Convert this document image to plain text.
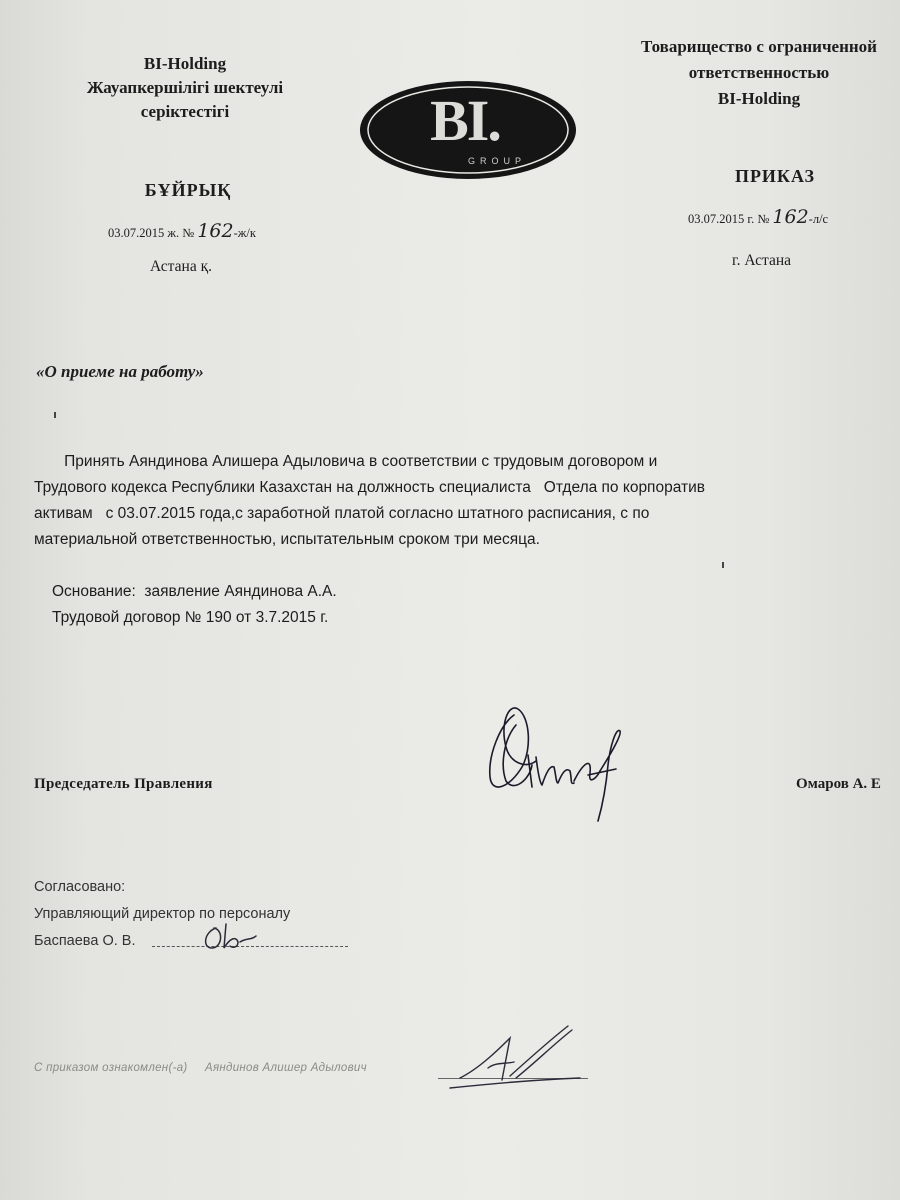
BI-Holding
Жауапкершілігі шектеулі
серіктестігі	BI.
GROUP
Товарищество с ограниченной
ответственностью
BI-Holding
БҰЙРЫҚ
ПРИКАЗ
03.07.2015 ж. № 162-ж/к
03.07.2015 г. № 162-л/с
Астана қ.	г. Астана
«О приеме на работу»
Принять Аяндинова Алишера Адыловича в соответствии с трудовым договором и
Трудового кодекса Республики Казахстан на должность специалиста   Отдела по корпоратив
активам   с 03.07.2015 года,с заработной платой согласно штатного расписания, с по
материальной ответственностью, испытательным сроком три месяца.
Основание:  заявление Аяндинова А.А.
Трудовой договор № 190 от 3.7.2015 г.
Председатель Правления	Омаров А. Е
Согласовано:
Управляющий директор по персоналу
Баспаева О. В.
С приказом ознакомлен(-а)     Аяндинов Алишер Адылович
